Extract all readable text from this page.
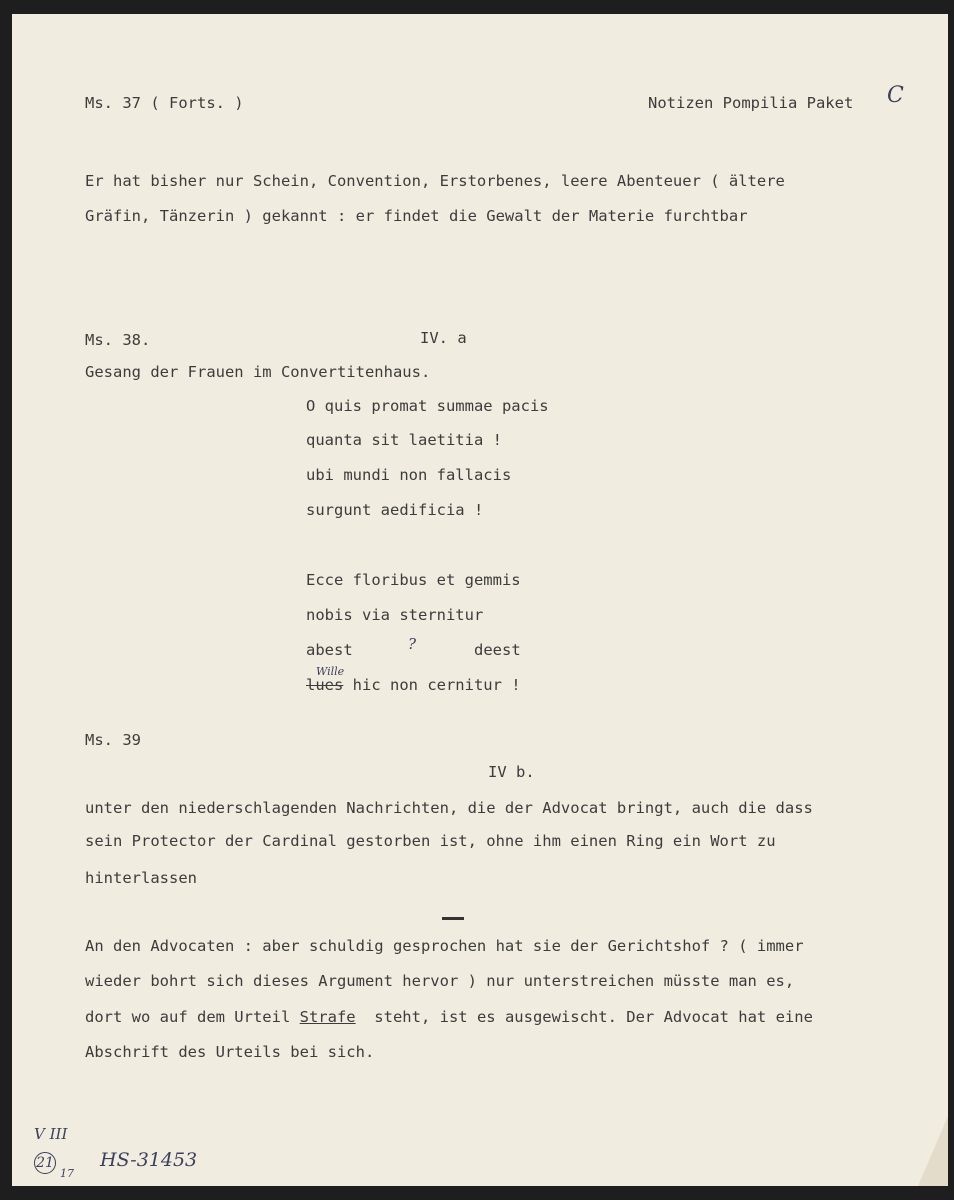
Ms. 37 ( Forts. )	Notizen Pompilia Paket C
Er hat bisher nur Schein, Convention, Erstorbenes, leere Abenteuer ( ältere
Gräfin, Tänzerin ) gekannt : er findet die Gewalt der Materie furchtbar
Ms. 38.	IV. a
Gesang der Frauen im Convertitenhaus.
O quis promat summae pacis
quanta sit laetitia !
ubi mundi non fallacis
surgunt aedificia !
Ecce floribus et gemmis
nobis via sternitur
abest	?	deest
lues hic non cernitur !
Wille
Ms. 39
IV b.
unter den niederschlagenden Nachrichten, die der Advocat bringt, auch die dass
sein Protector der Cardinal gestorben ist, ohne ihm einen Ring ein Wort zu
hinterlassen
An den Advocaten : aber schuldig gesprochen hat sie der Gerichtshof ? ( immer
wieder bohrt sich dieses Argument hervor ) nur unterstreichen müsste man es,
dort wo auf dem Urteil Strafe  steht, ist es ausgewischt. Der Advocat hat eine
Abschrift des Urteils bei sich.
V III
21
17
HS-31453
